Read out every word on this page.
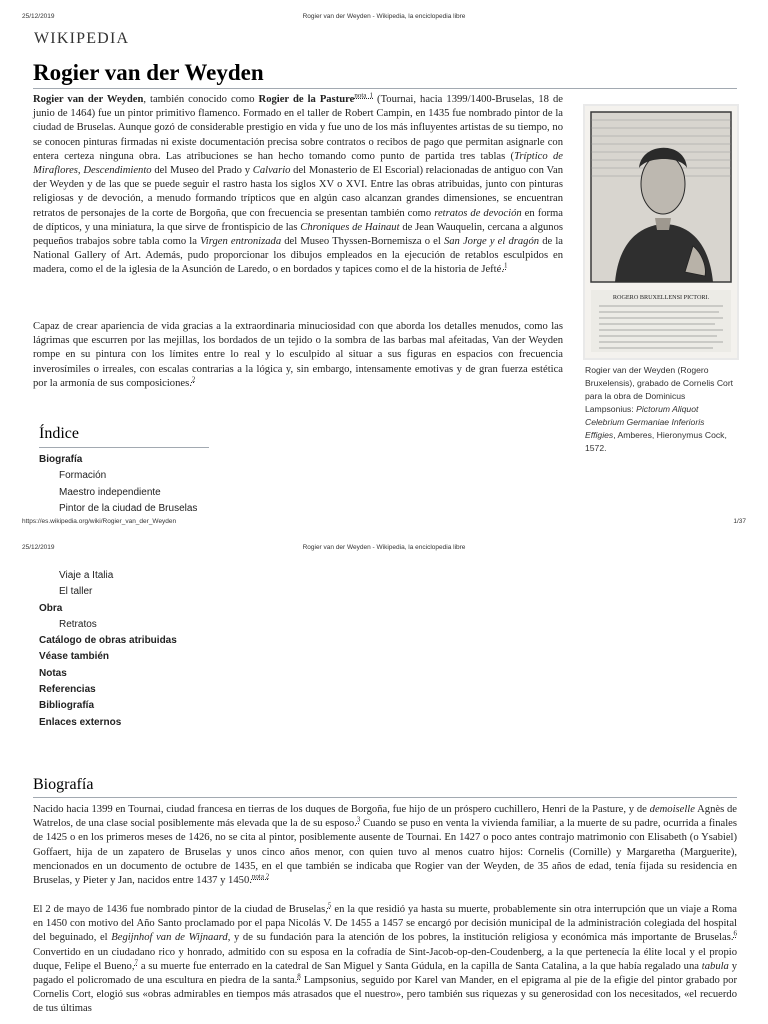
25/12/2019	Rogier van der Weyden - Wikipedia, la enciclopedia libre
WIKIPEDIA
Rogier van der Weyden

Rogier van der Weyden, también conocido como Rogier de la Pasture$^{nota 1}$ (Tournai, hacia 1399/1400-Bruselas, 18 de junio de 1464) fue un pintor primitivo flamenco. Formado en el taller de Robert Campin, en 1435 fue nombrado pintor de la ciudad de Bruselas. Aunque gozó de considerable prestigio en vida y fue uno de los más influyentes artistas de su tiempo, no se conocen pinturas firmadas ni existe documentación precisa sobre contratos o recibos de pago que permitan asignarle con entera certeza ninguna obra. Las atribuciones se han hecho tomando como punto de partida tres tablas (Tríptico de Miraflores, Descendimiento del Museo del Prado y Calvario del Monasterio de El Escorial) relacionadas de antiguo con Van der Weyden y de las que se puede seguir el rastro hasta los siglos XV o XVI. Entre las obras atribuidas, junto con pinturas religiosas y de devoción, a menudo formando trípticos que en algún caso alcanzan grandes dimensiones, se encuentran retratos de personajes de la corte de Borgoña, que con frecuencia se presentan también como retratos de devoción en forma de dípticos, y una miniatura, la que sirve de frontispicio de las Chroniques de Hainaut de Jean Wauquelin, cercana a algunos pequeños trabajos sobre tabla como la Virgen entronizada del Museo Thyssen-Bornemisza o el San Jorge y el dragón de la National Gallery of Art. Además, pudo proporcionar los dibujos empleados en la ejecución de retablos esculpidos en madera, como el de la iglesia de la Asunción de Laredo, o en bordados y tapices como el de la historia de Jefté.$^1$

Capaz de crear apariencia de vida gracias a la extraordinaria minuciosidad con que aborda los detalles menudos, como las lágrimas que escurren por las mejillas, los bordados de un tejido o la sombra de las barbas mal afeitadas, Van der Weyden rompe en su pintura con los límites entre lo real y lo esculpido al situar a sus figuras en espacios con frecuencia inverosímiles o irreales, con escalas contrarias a la lógica y, sin embargo, intensamente emotivas y de gran fuerza estética por la armonía de sus composiciones.$^2$

ROGERO BRUXELLENSI PICTORI.
Rogier van der Weyden (Rogero Bruxelensis), grabado de Cornelis Cort para la obra de Dominicus Lampsonius: Pictorum Aliquot Celebrium Germaniae Inferioris Effigies, Amberes, Hieronymus Cock, 1572.
Índice
Biografía
Formación
Maestro independiente
Pintor de la ciudad de Bruselas
https://es.wikipedia.org/wiki/Rogier_van_der_Weyden	1/37
25/12/2019	Rogier van der Weyden - Wikipedia, la enciclopedia libre
Viaje a Italia
El taller
Obra
Retratos
Catálogo de obras atribuidas
Véase también
Notas
Referencias
Bibliografía
Enlaces externos
Biografía

Nacido hacia 1399 en Tournai, ciudad francesa en tierras de los duques de Borgoña, fue hijo de un próspero cuchillero, Henri de la Pasture, y de demoiselle Agnès de Watrelos, de una clase social posiblemente más elevada que la de su esposo.$^3$ Cuando se puso en venta la vivienda familiar, a la muerte de su padre, ocurrida a finales de 1425 o en los primeros meses de 1426, no se cita al pintor, posiblemente ausente de Tournai. En 1427 o poco antes contrajo matrimonio con Elisabeth (o Ysabiel) Goffaert, hija de un zapatero de Bruselas y unos cinco años menor, con quien tuvo al menos cuatro hijos: Cornelis (Cornille) y Margaretha (Marguerite), mencionados en un documento de octubre de 1435, en el que también se indicaba que Rogier van der Weyden, de 35 años de edad, tenía fijada su residencia en Bruselas, y Pieter y Jan, nacidos entre 1437 y 1450.$^{nota 2}$

El 2 de mayo de 1436 fue nombrado pintor de la ciudad de Bruselas,$^5$ en la que residió ya hasta su muerte, probablemente sin otra interrupción que un viaje a Roma en 1450 con motivo del Año Santo proclamado por el papa Nicolás V. De 1455 a 1457 se encargó por decisión municipal de la administración colegiada del hospital del beguinado, el Begijnhof van de Wijnaard, y de su fundación para la atención de los pobres, la institución religiosa y económica más importante de Bruselas.$^6$ Convertido en un ciudadano rico y honrado, admitido con su esposa en la cofradía de Sint-Jacob-op-den-Coudenberg, a la que pertenecía la élite local y el propio duque, Felipe el Bueno,$^7$ a su muerte fue enterrado en la catedral de San Miguel y Santa Gúdula, en la capilla de Santa Catalina, a la que había regalado una tabula y pagado el policromado de una escultura en piedra de la santa.$^8$ Lampsonius, seguido por Karel van Mander, en el epigrama al pie de la efigie del pintor grabado por Cornelis Cort, elogió sus «obras admirables en tiempos más atrasados que el nuestro», pero también sus riquezas y su generosidad con los necesitados, «el recuerdo de tus últimas
